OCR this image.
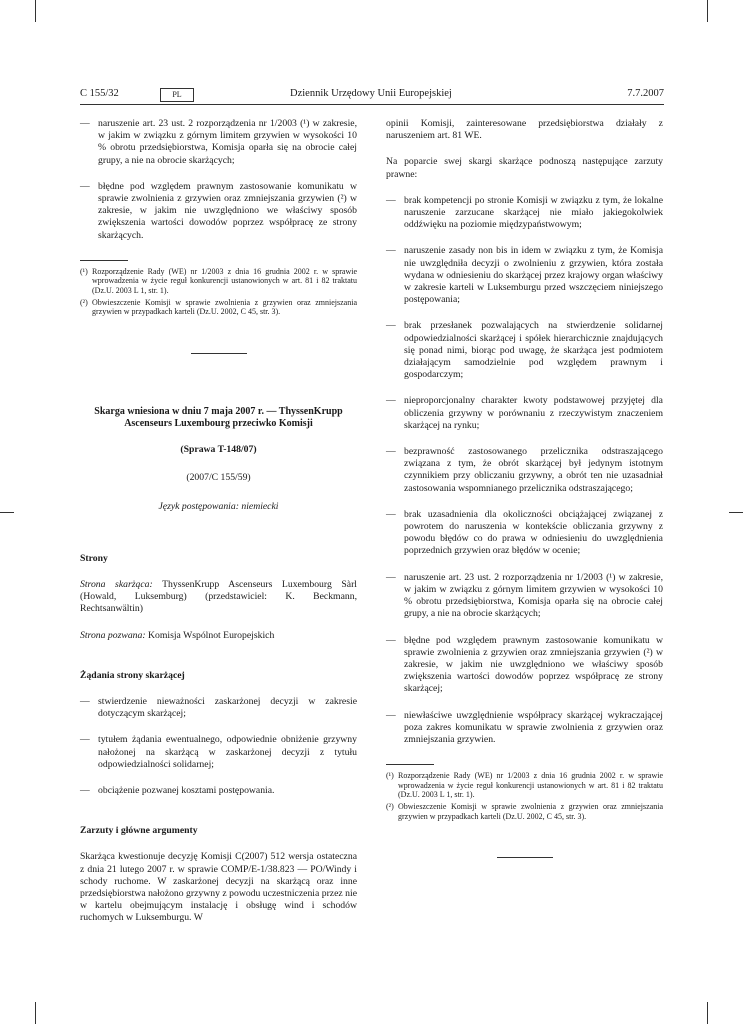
C 155/32	PL	Dziennik Urzędowy Unii Europejskiej	7.7.2007
— naruszenie art. 23 ust. 2 rozporządzenia nr 1/2003 (¹) w zakresie, w jakim w związku z górnym limitem grzywien w wysokości 10 % obrotu przedsiębiorstwa, Komisja oparła się na obrocie całej grupy, a nie na obrocie skarżących;
— błędne pod względem prawnym zastosowanie komunikatu w sprawie zwolnienia z grzywien oraz zmniejszania grzywien (²) w zakresie, w jakim nie uwzględniono we właściwy sposób zwiększenia wartości dowodów poprzez współpracę ze strony skarżących.
(¹) Rozporządzenie Rady (WE) nr 1/2003 z dnia 16 grudnia 2002 r. w sprawie wprowadzenia w życie reguł konkurencji ustanowionych w art. 81 i 82 traktatu (Dz.U. 2003 L 1, str. 1).
(²) Obwieszczenie Komisji w sprawie zwolnienia z grzywien oraz zmniejszania grzywien w przypadkach karteli (Dz.U. 2002, C 45, str. 3).
Skarga wniesiona w dniu 7 maja 2007 r. — ThyssenKrupp Ascenseurs Luxembourg przeciwko Komisji
(Sprawa T-148/07)
(2007/C 155/59)
Język postępowania: niemiecki
Strony

Strona skarżąca: ThyssenKrupp Ascenseurs Luxembourg Sàrl (Howald, Luksemburg) (przedstawiciel: K. Beckmann, Rechtsanwältin)

Strona pozwana: Komisja Wspólnot Europejskich

Żądania strony skarżącej
— stwierdzenie nieważności zaskarżonej decyzji w zakresie dotyczącym skarżącej;
— tytułem żądania ewentualnego, odpowiednie obniżenie grzywny nałożonej na skarżącą w zaskarżonej decyzji z tytułu odpowiedzialności solidarnej;
— obciążenie pozwanej kosztami postępowania.
Zarzuty i główne argumenty

Skarżąca kwestionuje decyzję Komisji C(2007) 512 wersja ostateczna z dnia 21 lutego 2007 r. w sprawie COMP/E-1/38.823 — PO/Windy i schody ruchome. W zaskarżonej decyzji na skarżącą oraz inne przedsiębiorstwa nałożono grzywny z powodu uczestniczenia przez nie w kartelu obejmującym instalację i obsługę wind i schodów ruchomych w Luksemburgu. W

opinii Komisji, zainteresowane przedsiębiorstwa działały z naruszeniem art. 81 WE.

Na poparcie swej skargi skarżące podnoszą następujące zarzuty prawne:

— brak kompetencji po stronie Komisji w związku z tym, że lokalne naruszenie zarzucane skarżącej nie miało jakiegokolwiek oddźwięku na poziomie międzypaństwowym;
— naruszenie zasady non bis in idem w związku z tym, że Komisja nie uwzględniła decyzji o zwolnieniu z grzywien, która została wydana w odniesieniu do skarżącej przez krajowy organ właściwy w zakresie karteli w Luksemburgu przed wszczęciem niniejszego postępowania;
— brak przesłanek pozwalających na stwierdzenie solidarnej odpowiedzialności skarżącej i spółek hierarchicznie znajdujących się ponad nimi, biorąc pod uwagę, że skarżąca jest podmiotem działającym samodzielnie pod względem prawnym i gospodarczym;
— nieproporcjonalny charakter kwoty podstawowej przyjętej dla obliczenia grzywny w porównaniu z rzeczywistym znaczeniem skarżącej na rynku;
— bezprawność zastosowanego przelicznika odstraszającego związana z tym, że obrót skarżącej był jedynym istotnym czynnikiem przy obliczaniu grzywny, a obrót ten nie uzasadniał zastosowania wspomnianego przelicznika odstraszającego;
— brak uzasadnienia dla okoliczności obciążającej związanej z powrotem do naruszenia w kontekście obliczania grzywny z powodu błędów co do prawa w odniesieniu do uwzględnienia poprzednich grzywien oraz błędów w ocenie;
— naruszenie art. 23 ust. 2 rozporządzenia nr 1/2003 (¹) w zakresie, w jakim w związku z górnym limitem grzywien w wysokości 10 % obrotu przedsiębiorstwa, Komisja oparła się na obrocie całej grupy, a nie na obrocie skarżących;
— błędne pod względem prawnym zastosowanie komunikatu w sprawie zwolnienia z grzywien oraz zmniejszania grzywien (²) w zakresie, w jakim nie uwzględniono we właściwy sposób zwiększenia wartości dowodów poprzez współpracę ze strony skarżącej;
— niewłaściwe uwzględnienie współpracy skarżącej wykraczającej poza zakres komunikatu w sprawie zwolnienia z grzywien oraz zmniejszania grzywien.
(¹) Rozporządzenie Rady (WE) nr 1/2003 z dnia 16 grudnia 2002 r. w sprawie wprowadzenia w życie reguł konkurencji ustanowionych w art. 81 i 82 traktatu (Dz.U. 2003 L 1, str. 1).
(²) Obwieszczenie Komisji w sprawie zwolnienia z grzywien oraz zmniejszania grzywien w przypadkach karteli (Dz.U. 2002, C 45, str. 3).
